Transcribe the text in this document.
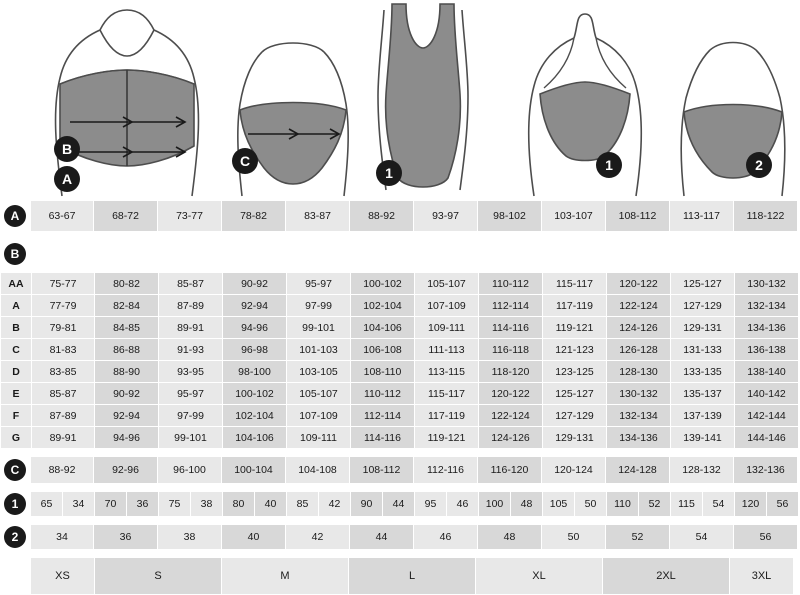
B
A
C
1	1	2
A	63-67	68-72	73-77	78-82	83-87	88-92	93-97	98-102	103-107	108-112	113-117	118-122
B
AA	75-77	80-82	85-87	90-92	95-97	100-102	105-107	110-112	115-117	120-122	125-127	130-132
A	77-79	82-84	87-89	92-94	97-99	102-104	107-109	112-114	117-119	122-124	127-129	132-134
B	79-81	84-85	89-91	94-96	99-101	104-106	109-111	114-116	119-121	124-126	129-131	134-136
C	81-83	86-88	91-93	96-98	101-103	106-108	111-113	116-118	121-123	126-128	131-133	136-138
D	83-85	88-90	93-95	98-100	103-105	108-110	113-115	118-120	123-125	128-130	133-135	138-140
E	85-87	90-92	95-97	100-102	105-107	110-112	115-117	120-122	125-127	130-132	135-137	140-142
F	87-89	92-94	97-99	102-104	107-109	112-114	117-119	122-124	127-129	132-134	137-139	142-144
G	89-91	94-96	99-101	104-106	109-111	114-116	119-121	124-126	129-131	134-136	139-141	144-146
C	88-92	92-96	96-100	100-104	104-108	108-112	112-116	116-120	120-124	124-128	128-132	132-136
1	65	34	70	36	75	38	80	40	85	42	90	44	95	46	100	48	105	50	110	52	115	54	120	56
2	34	36	38	40	42	44	46	48	50	52	54	56
XS	S	M	L	XL	2XL	3XL
